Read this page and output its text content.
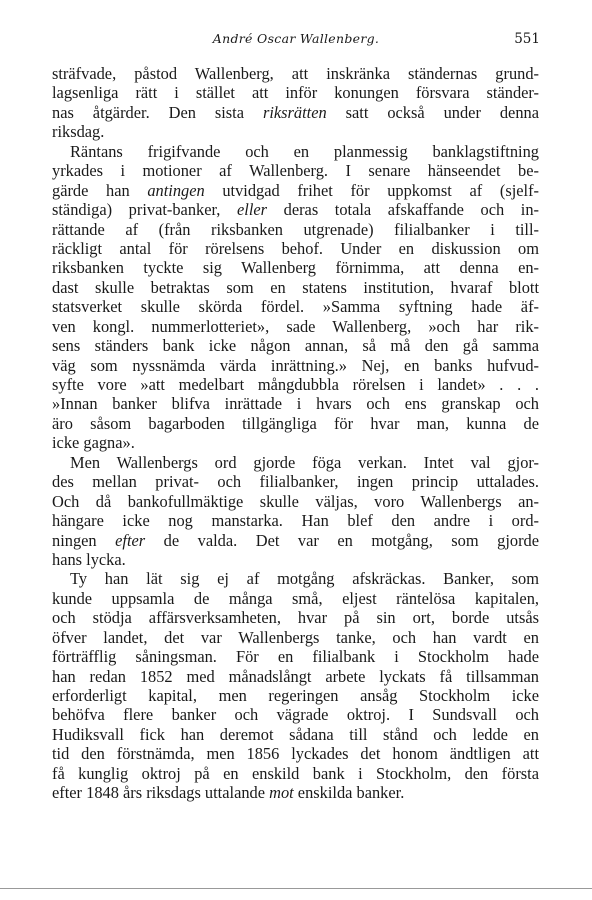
André Oscar Wallenberg.	551
sträfvade, påstod Wallenberg, att inskränka ständernas grund-
lagsenliga rätt i stället att inför konungen försvara ständer-
nas åtgärder. Den sista riksrätten satt också under denna
riksdag.
Räntans frigifvande och en planmessig banklagstiftning
yrkades i motioner af Wallenberg. I senare hänseendet be-
gärde han antingen utvidgad frihet för uppkomst af (sjelf-
ständiga) privat-banker, eller deras totala afskaffande och in-
rättande af (från riksbanken utgrenade) filialbanker i till-
räckligt antal för rörelsens behof. Under en diskussion om
riksbanken tyckte sig Wallenberg förnimma, att denna en-
dast skulle betraktas som en statens institution, hvaraf blott
statsverket skulle skörda fördel. »Samma syftning hade äf-
ven kongl. nummerlotteriet», sade Wallenberg, »och har rik-
sens ständers bank icke någon annan, så må den gå samma
väg som nyssnämda värda inrättning.» Nej, en banks hufvud-
syfte vore »att medelbart mångdubbla rörelsen i landet» . . .
»Innan banker blifva inrättade i hvars och ens granskap och
äro såsom bagarboden tillgängliga för hvar man, kunna de
icke gagna».
Men Wallenbergs ord gjorde föga verkan. Intet val gjor-
des mellan privat- och filialbanker, ingen princip uttalades.
Och då bankofullmäktige skulle väljas, voro Wallenbergs an-
hängare icke nog manstarka. Han blef den andre i ord-
ningen efter de valda. Det var en motgång, som gjorde
hans lycka.
Ty han lät sig ej af motgång afskräckas. Banker, som
kunde uppsamla de många små, eljest räntelösa kapitalen,
och stödja affärsverksamheten, hvar på sin ort, borde utsås
öfver landet, det var Wallenbergs tanke, och han vardt en
förträfflig såningsman. För en filialbank i Stockholm hade
han redan 1852 med månadslångt arbete lyckats få tillsamman
erforderligt kapital, men regeringen ansåg Stockholm icke
behöfva flere banker och vägrade oktroj. I Sundsvall och
Hudiksvall fick han deremot sådana till stånd och ledde en
tid den förstnämda, men 1856 lyckades det honom ändtligen att
få kunglig oktroj på en enskild bank i Stockholm, den första
efter 1848 års riksdags uttalande mot enskilda banker.
